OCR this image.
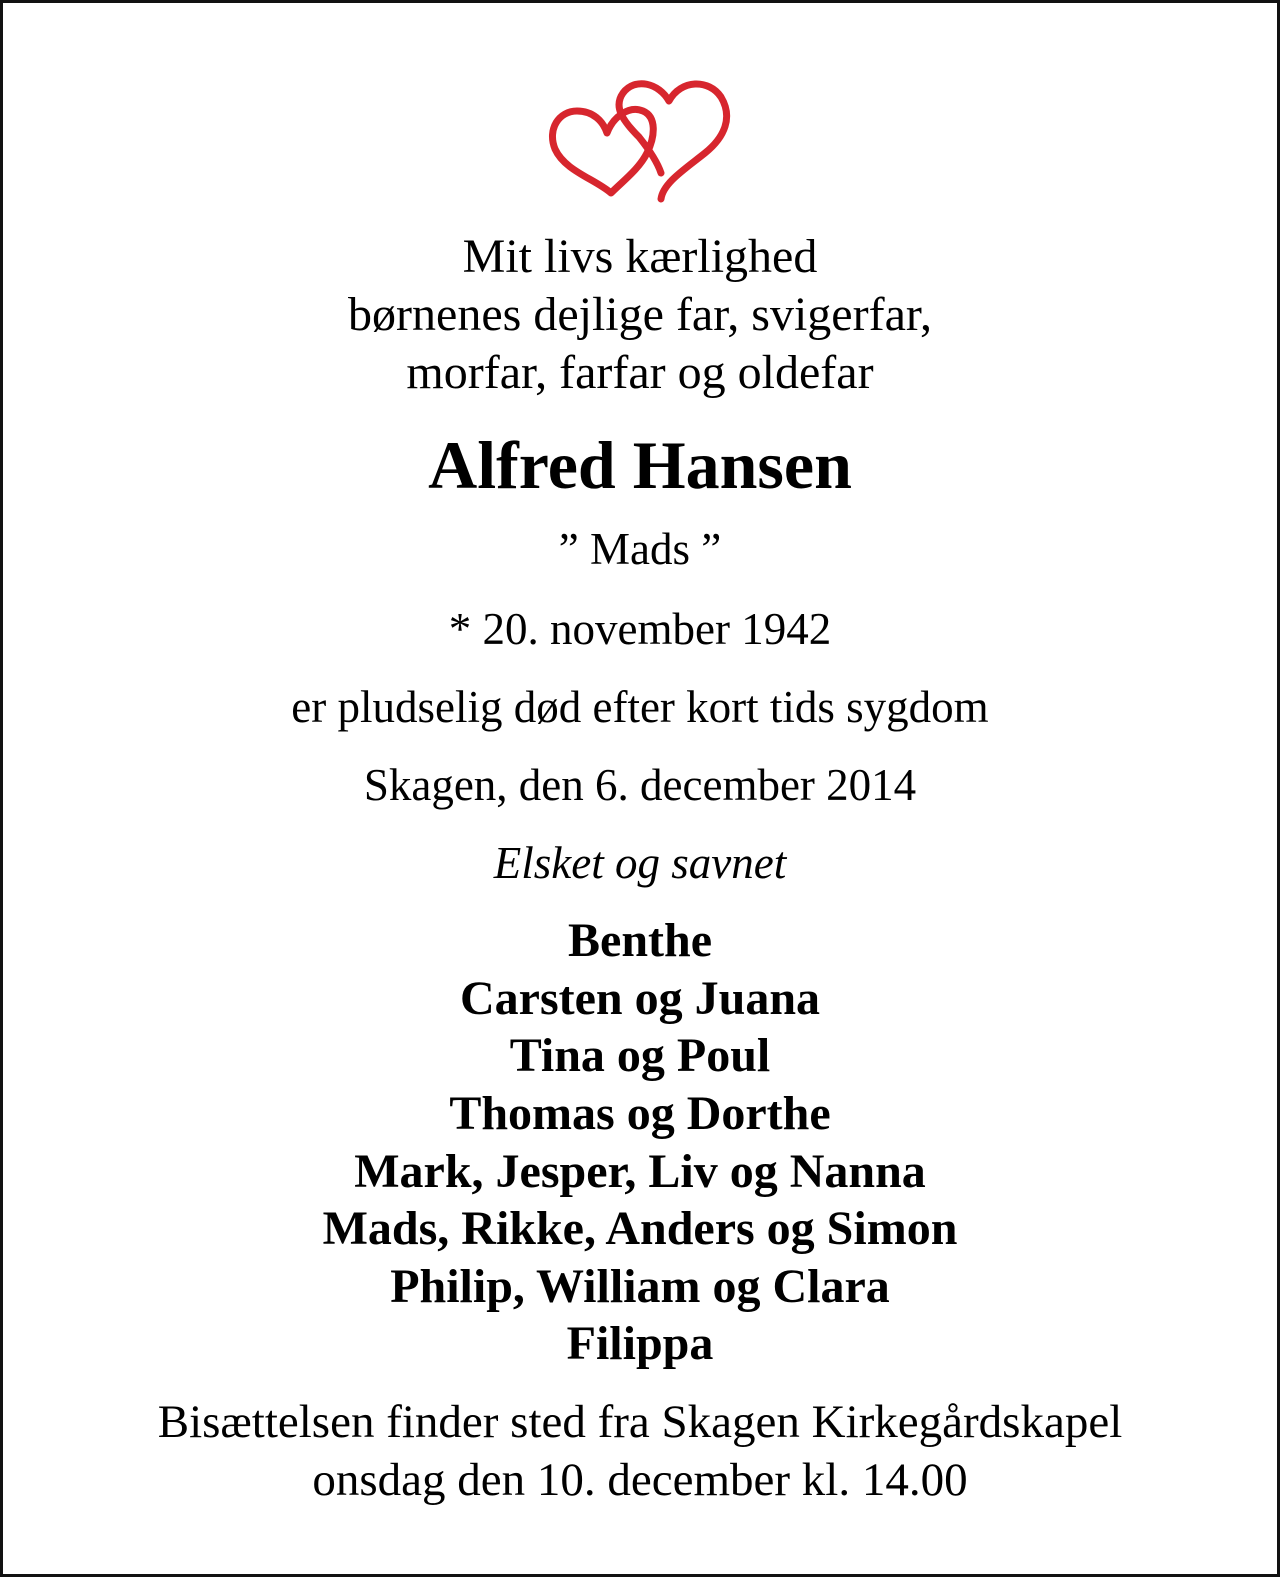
Mit livs kærlighed
børnenes dejlige far, svigerfar,
morfar, farfar og oldefar
Alfred Hansen
” Mads ”
* 20. november 1942
er pludselig død efter kort tids sygdom
Skagen, den 6. december 2014
Elsket og savnet
Benthe
Carsten og Juana
Tina og Poul
Thomas og Dorthe
Mark, Jesper, Liv og Nanna
Mads, Rikke, Anders og Simon
Philip, William og Clara
Filippa
Bisættelsen finder sted fra Skagen Kirkegårdskapel
onsdag den 10. december kl. 14.00
